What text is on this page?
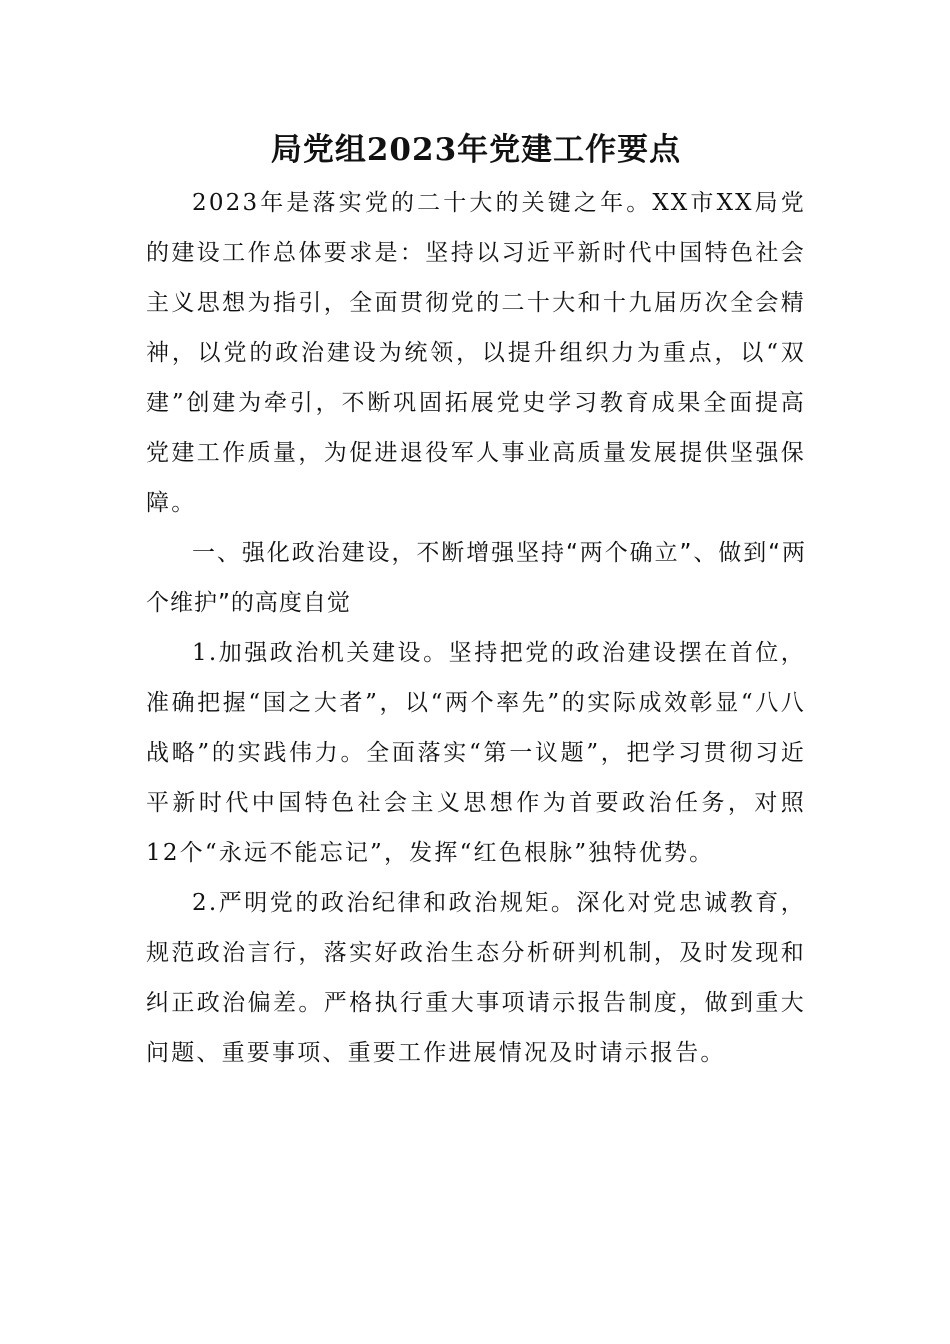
局党组2023年党建工作要点

2023年是落实党的二十大的关键之年。XX市XX局党的建设工作总体要求是：坚持以习近平新时代中国特色社会主义思想为指引，全面贯彻党的二十大和十九届历次全会精神，以党的政治建设为统领，以提升组织力为重点，以“双建”创建为牵引，不断巩固拓展党史学习教育成果全面提高党建工作质量，为促进退役军人事业高质量发展提供坚强保障。

一、强化政治建设，不断增强坚持“两个确立”、做到“两个维护”的高度自觉

1.加强政治机关建设。坚持把党的政治建设摆在首位，准确把握“国之大者”，以“两个率先”的实际成效彰显“八八战略”的实践伟力。全面落实“第一议题”，把学习贯彻习近平新时代中国特色社会主义思想作为首要政治任务，对照12个“永远不能忘记”，发挥“红色根脉”独特优势。

2.严明党的政治纪律和政治规矩。深化对党忠诚教育，规范政治言行，落实好政治生态分析研判机制，及时发现和纠正政治偏差。严格执行重大事项请示报告制度，做到重大问题、重要事项、重要工作进展情况及时请示报告。
